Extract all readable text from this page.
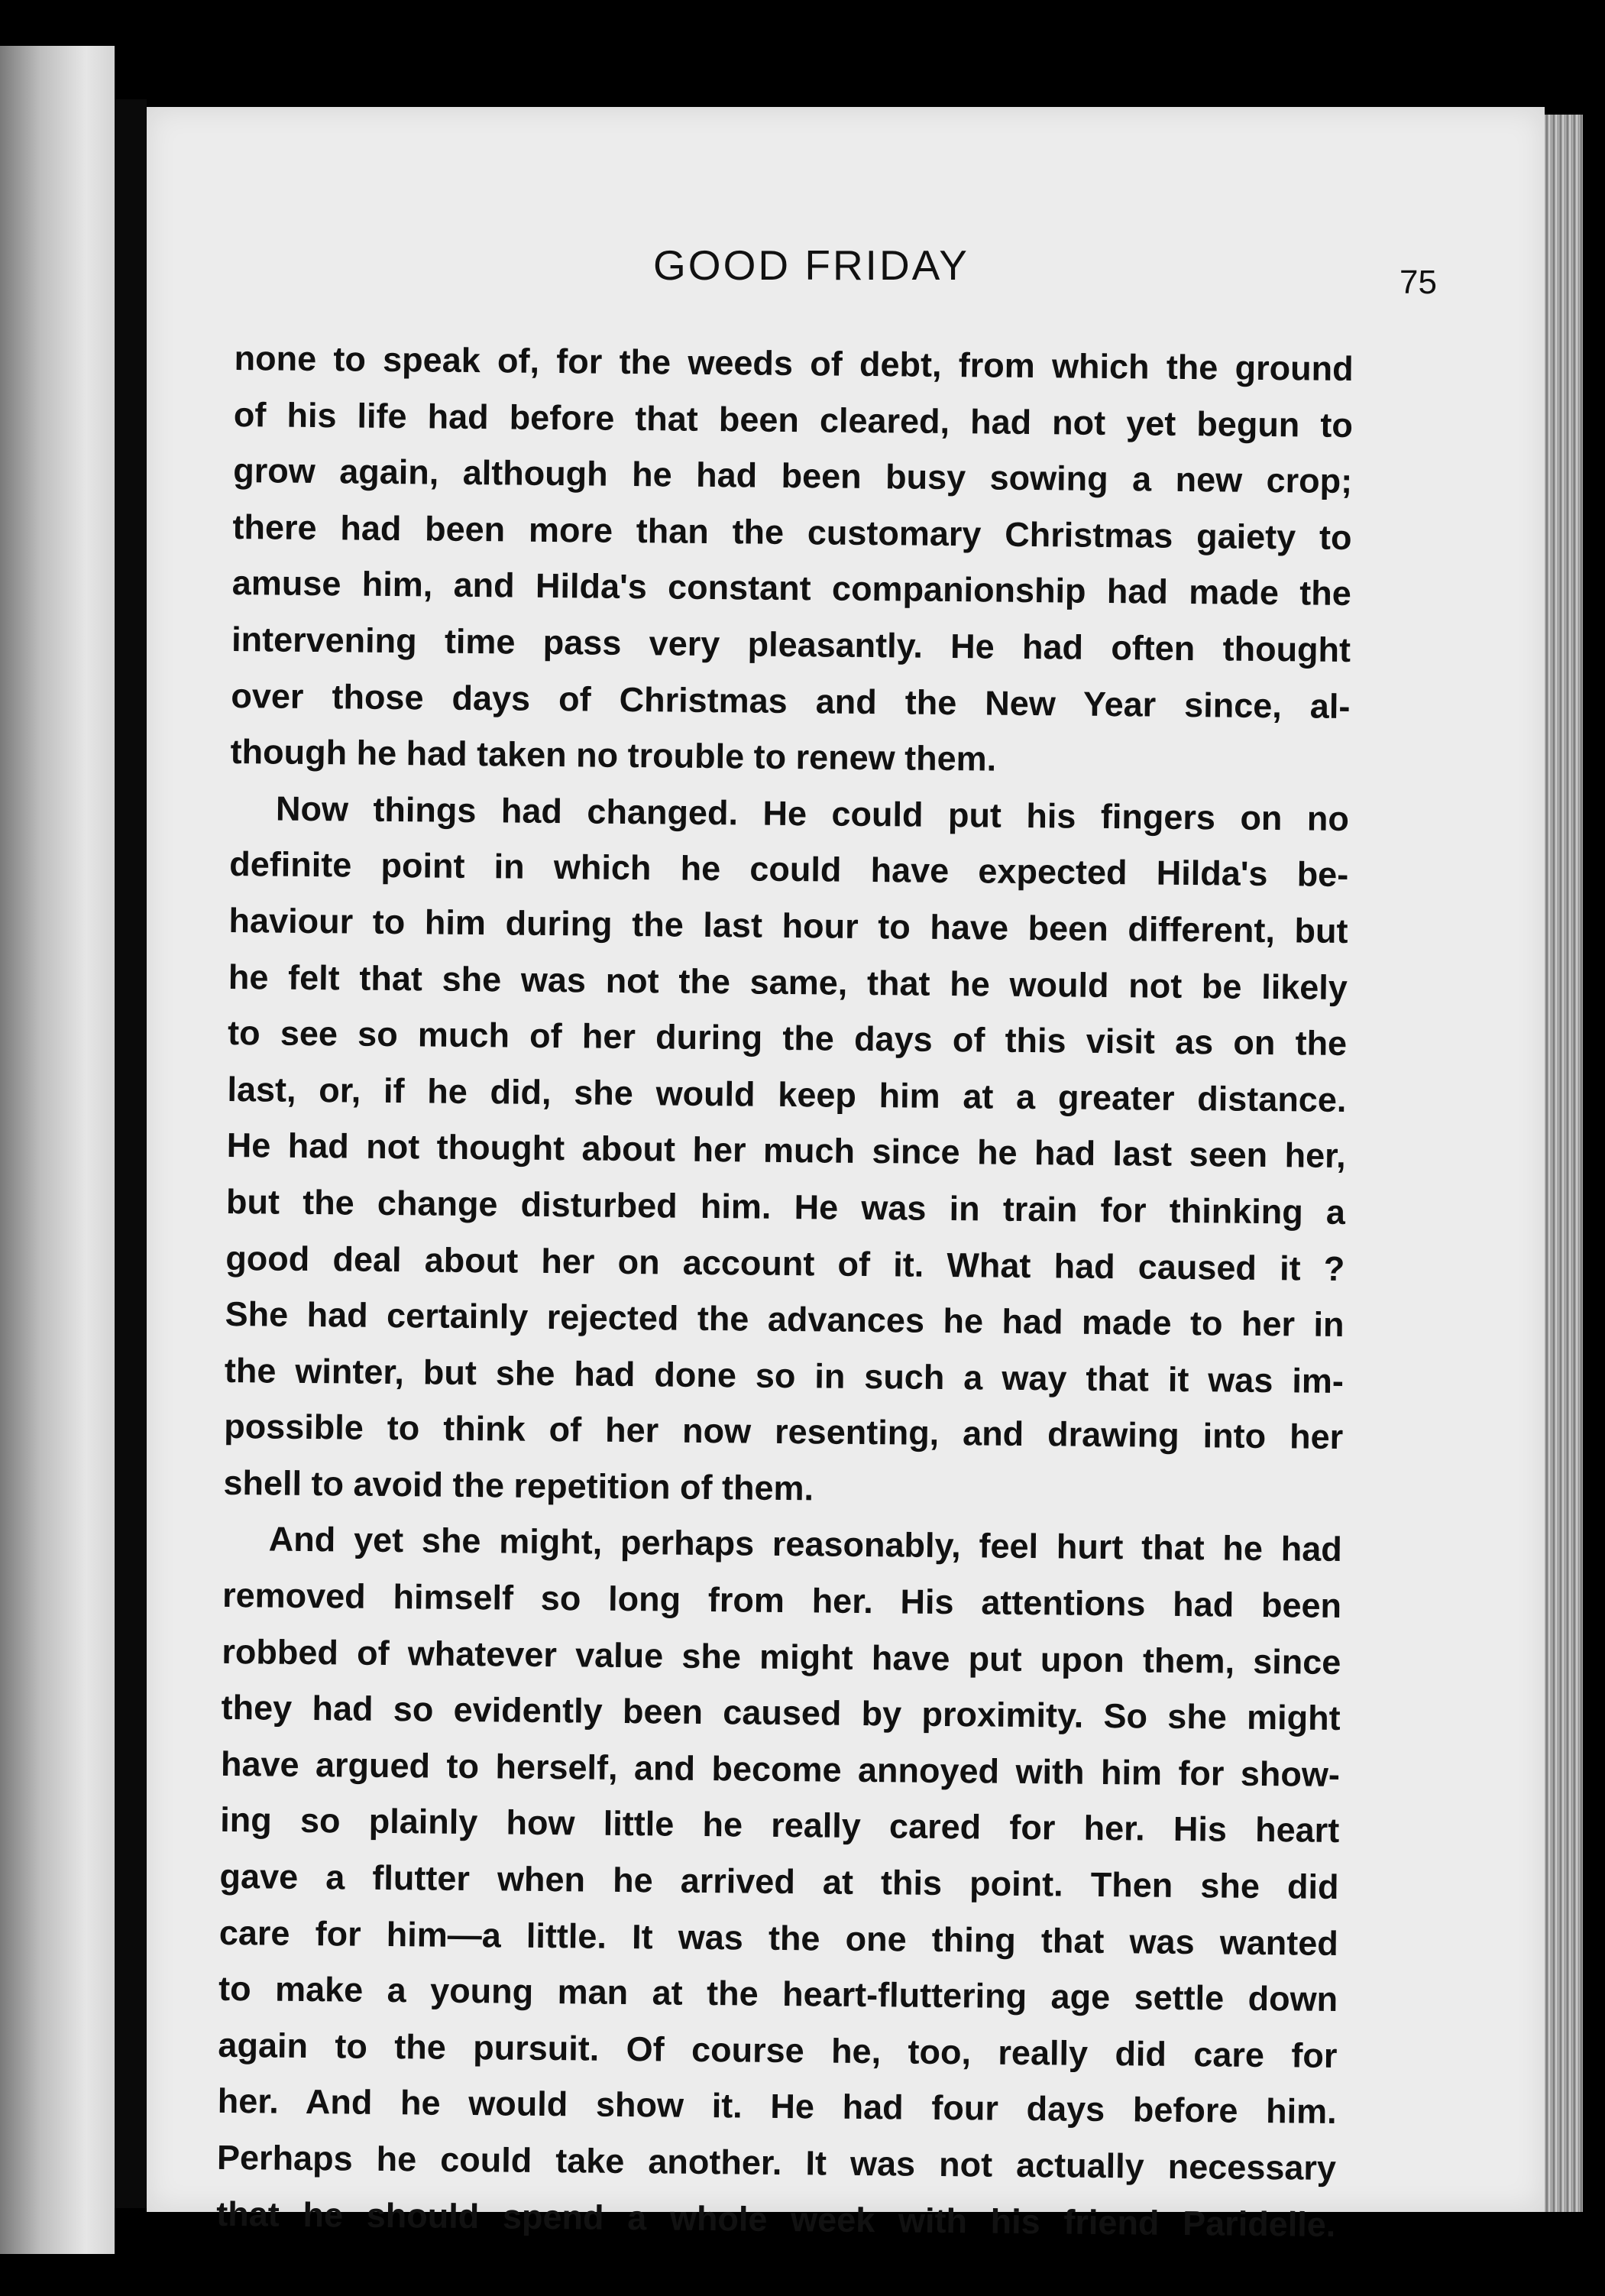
GOOD FRIDAY	75
none to speak of, for the weeds of debt, from which the ground
of his life had before that been cleared, had not yet begun to
grow again, although he had been busy sowing a new crop;
there had been more than the customary Christmas gaiety to
amuse him, and Hilda's constant companionship had made the
intervening time pass very pleasantly. He had often thought
over those days of Christmas and the New Year since, al-
though he had taken no trouble to renew them.
Now things had changed. He could put his fingers on no
definite point in which he could have expected Hilda's be-
haviour to him during the last hour to have been different, but
he felt that she was not the same, that he would not be likely
to see so much of her during the days of this visit as on the
last, or, if he did, she would keep him at a greater distance.
He had not thought about her much since he had last seen her,
but the change disturbed him. He was in train for thinking a
good deal about her on account of it. What had caused it ?
She had certainly rejected the advances he had made to her in
the winter, but she had done so in such a way that it was im-
possible to think of her now resenting, and drawing into her
shell to avoid the repetition of them.
And yet she might, perhaps reasonably, feel hurt that he had
removed himself so long from her. His attentions had been
robbed of whatever value she might have put upon them, since
they had so evidently been caused by proximity. So she might
have argued to herself, and become annoyed with him for show-
ing so plainly how little he really cared for her. His heart
gave a flutter when he arrived at this point. Then she did
care for him—a little. It was the one thing that was wanted
to make a young man at the heart-fluttering age settle down
again to the pursuit. Of course he, too, really did care for
her. And he would show it. He had four days before him.
Perhaps he could take another. It was not actually necessary
that he should spend a whole week with his friend Paridelle.
